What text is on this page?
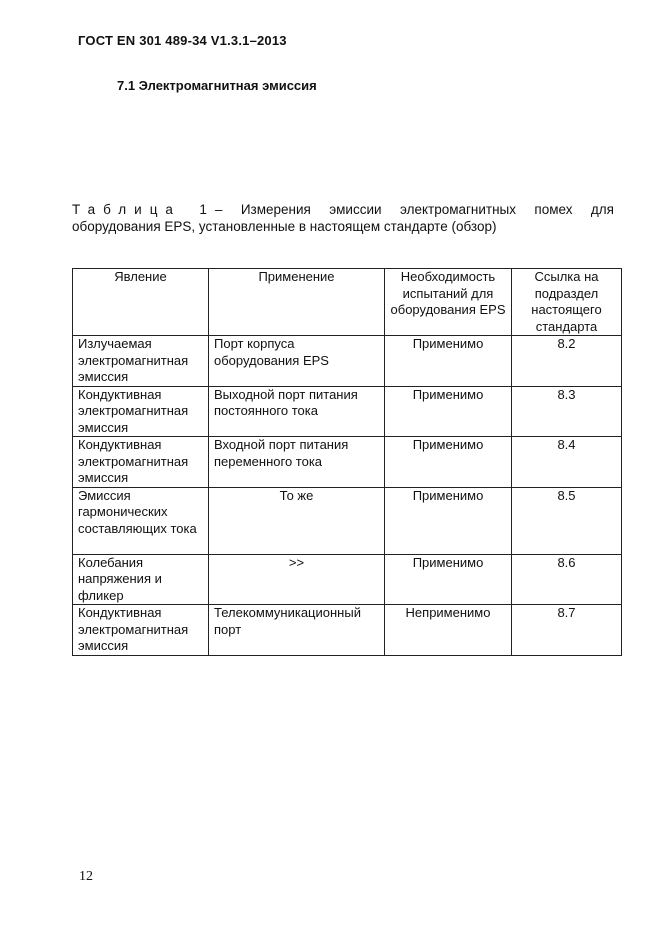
ГОСТ EN 301 489-34 V1.3.1–2013
7.1 Электромагнитная эмиссия
Таблица 1– Измерения эмиссии электромагнитных помех для оборудования EPS, установленные в настоящем стандарте (обзор)
Явление	Применение	Необходимость испытаний для оборудования EPS	Ссылка на подраздел настоящего стандарта
Излучаемая электромагнитная эмиссия	Порт корпуса оборудования EPS	Применимо	8.2
Кондуктивная электромагнитная эмиссия	Выходной порт питания постоянного тока	Применимо	8.3
Кондуктивная электромагнитная эмиссия	Входной порт питания переменного тока	Применимо	8.4
Эмиссия гармонических составляющих тока	То же	Применимо	8.5
Колебания напряжения и фликер	>>	Применимо	8.6
Кондуктивная электромагнитная эмиссия	Телекоммуникационный порт	Неприменимо	8.7
12
